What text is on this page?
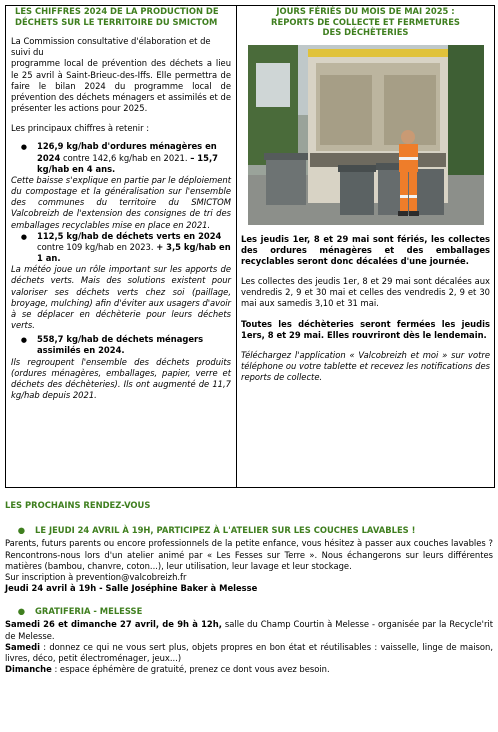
LES CHIFFRES 2024 DE LA PRODUCTION DE
DÉCHETS SUR LE TERRITOIRE DU SMICTOM

La Commission consultative d'élaboration et de suivi du

programme local de prévention des déchets a lieu le 25 avril à Saint-Brieuc-des-Iffs. Elle permettra de faire le bilan 2024 du programme local de prévention des déchets ménagers et assimilés et de présenter les actions pour 2025.

Les principaux chiffres à retenir :

●	126,9 kg/hab d'ordures ménagères en 2024 contre 142,6 kg/hab en 2021. – 15,7 kg/hab en 4 ans.

Cette baisse s'explique en partie par le déploiement du compostage et la généralisation sur l'ensemble des communes du territoire du SMICTOM Valcobreizh de l'extension des consignes de tri des emballages recyclables mise en place en 2021.

●	112,5 kg/hab de déchets verts en 2024 contre 109 kg/hab en 2023. + 3,5 kg/hab en 1 an.

La météo joue un rôle important sur les apports de déchets verts. Mais des solutions existent pour valoriser ses déchets verts chez soi (paillage, broyage, mulching) afin d'éviter aux usagers d'avoir à se déplacer en déchèterie pour leurs déchets verts.

●	558,7 kg/hab de déchets ménagers assimilés en 2024.

Ils regroupent l'ensemble des déchets produits (ordures ménagères, emballages, papier, verre et déchets des déchèteries). Ils ont augmenté de 11,7 kg/hab depuis 2021.

JOURS FÉRIÉS DU MOIS DE MAI 2025 :
REPORTS DE COLLECTE ET FERMETURES
DES DÉCHÈTERIES

Les jeudis 1er, 8 et 29 mai sont fériés, les collectes des ordures ménagères et des emballages recyclables seront donc décalées d'une journée.

Les collectes des jeudis 1er, 8 et 29 mai sont décalées aux vendredis 2, 9 et 30 mai et celles des vendredis 2, 9 et 30 mai aux samedis 3,10 et 31 mai.

Toutes les déchèteries seront fermées les jeudis 1ers, 8 et 29 mai. Elles rouvriront dès le lendemain.

Téléchargez l'application « Valcobreizh et moi » sur votre téléphone ou votre tablette et recevez les notifications des reports de collecte.

LES PROCHAINS RENDEZ-VOUS
●	LE JEUDI 24 AVRIL À 19H, PARTICIPEZ À L'ATELIER SUR LES COUCHES LAVABLES !

Parents, futurs parents ou encore professionnels de la petite enfance, vous hésitez à passer aux couches lavables ? Rencontrons-nous lors d'un atelier animé par « Les Fesses sur Terre ». Nous échangerons sur leurs différentes matières (bambou, chanvre, coton...), leur utilisation, leur lavage et leur stockage.

Sur inscription à prevention@valcobreizh.fr

Jeudi 24 avril à 19h - Salle Joséphine Baker à Melesse

●	GRATIFERIA - MELESSE

Samedi 26 et dimanche 27 avril, de 9h à 12h, salle du Champ Courtin à Melesse - organisée par la Recycle'rit de Melesse.

Samedi : donnez ce qui ne vous sert plus, objets propres en bon état et réutilisables : vaisselle, linge de maison, livres, déco, petit électroménager, jeux...)

Dimanche : espace éphémère de gratuité, prenez ce dont vous avez besoin.
